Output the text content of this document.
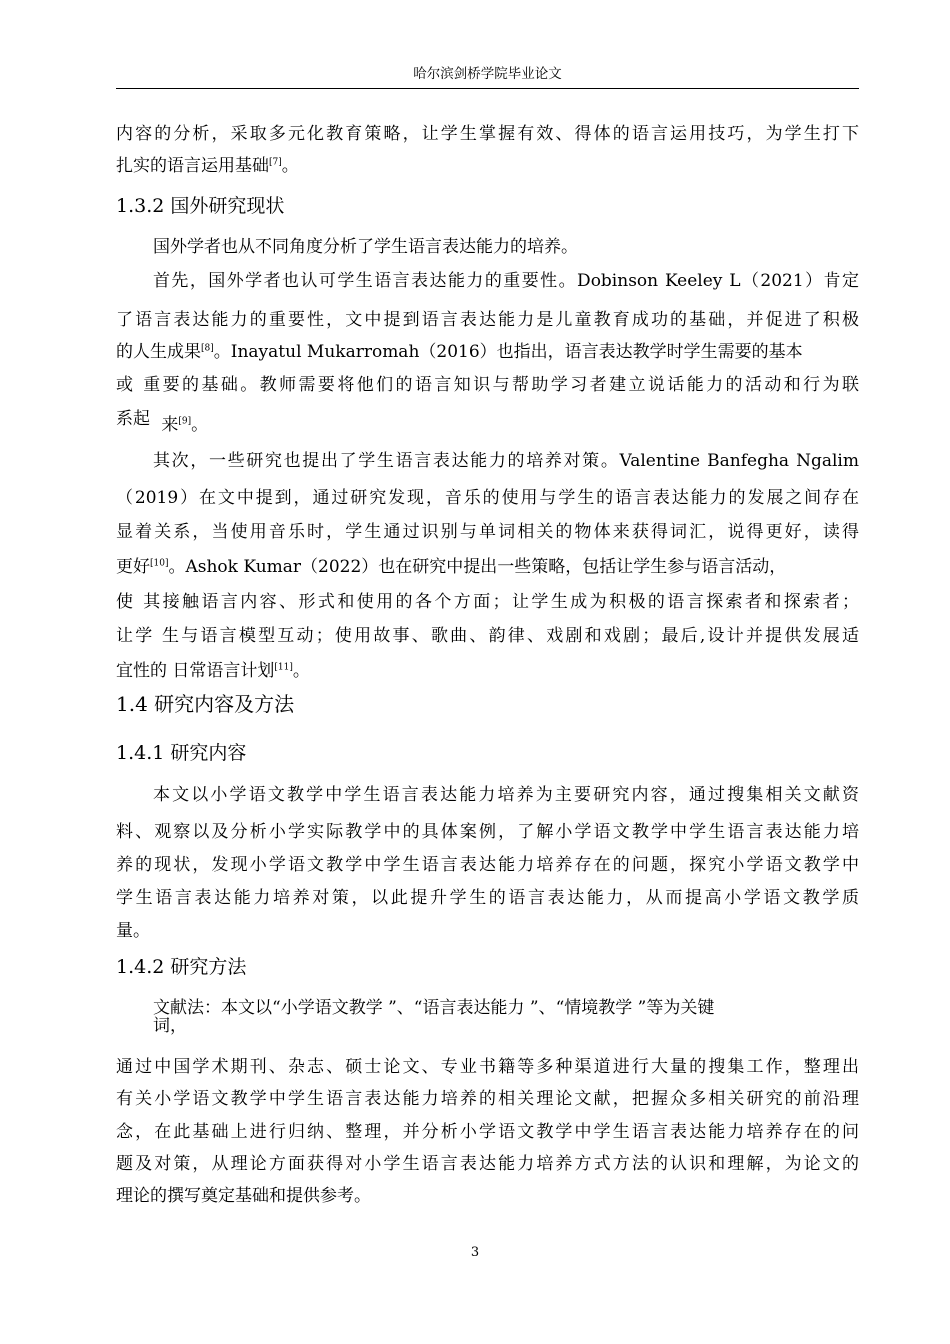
哈尔滨剑桥学院毕业论文
内容的分析，采取多元化教育策略，让学生掌握有效、得体的语言运用技巧，为学生打下
扎实的语言运用基础[7]。
1.3.2 国外研究现状
国外学者也从不同角度分析了学生语言表达能力的培养。
首先，国外学者也认可学生语言表达能力的重要性。Dobinson Keeley L（2021）肯定
了语言表达能力的重要性，文中提到语言表达能力是儿童教育成功的基础，并促进了积极
的人生成果[8]。Inayatul Mukarromah（2016）也指出，语言表达教学时学生需要的基本
或 重要的基础。教师需要将他们的语言知识与帮助学习者建立说话能力的活动和行为联
系起 来[9]。
其次，一些研究也提出了学生语言表达能力的培养对策。Valentine Banfegha Ngalim
（2019）在文中提到，通过研究发现，音乐的使用与学生的语言表达能力的发展之间存在
显着关系，当使用音乐时，学生通过识别与单词相关的物体来获得词汇，说得更好，读得
更好[10]。Ashok Kumar（2022）也在研究中提出一些策略，包括让学生参与语言活动，
使 其接触语言内容、形式和使用的各个方面；让学生成为积极的语言探索者和探索者；
让学 生与语言模型互动；使用故事、歌曲、韵律、戏剧和戏剧；最后,设计并提供发展适
宜性的 日常语言计划[11]。
1.4 研究内容及方法
1.4.1 研究内容
本文以小学语文教学中学生语言表达能力培养为主要研究内容，通过搜集相关文献资
料、观察以及分析小学实际教学中的具体案例，了解小学语文教学中学生语言表达能力培
养的现状，发现小学语文教学中学生语言表达能力培养存在的问题，探究小学语文教学中
学生语言表达能力培养对策，以此提升学生的语言表达能力，从而提高小学语文教学质
量。
1.4.2 研究方法
文献法：本文以“小学语文教学 ”、“语言表达能力 ”、“情境教学 ”等为关键
词，
通过中国学术期刊、杂志、硕士论文、专业书籍等多种渠道进行大量的搜集工作，整理出
有关小学语文教学中学生语言表达能力培养的相关理论文献，把握众多相关研究的前沿理
念，在此基础上进行归纳、整理，并分析小学语文教学中学生语言表达能力培养存在的问
题及对策，从理论方面获得对小学生语言表达能力培养方式方法的认识和理解，为论文的
理论的撰写奠定基础和提供参考。
3
